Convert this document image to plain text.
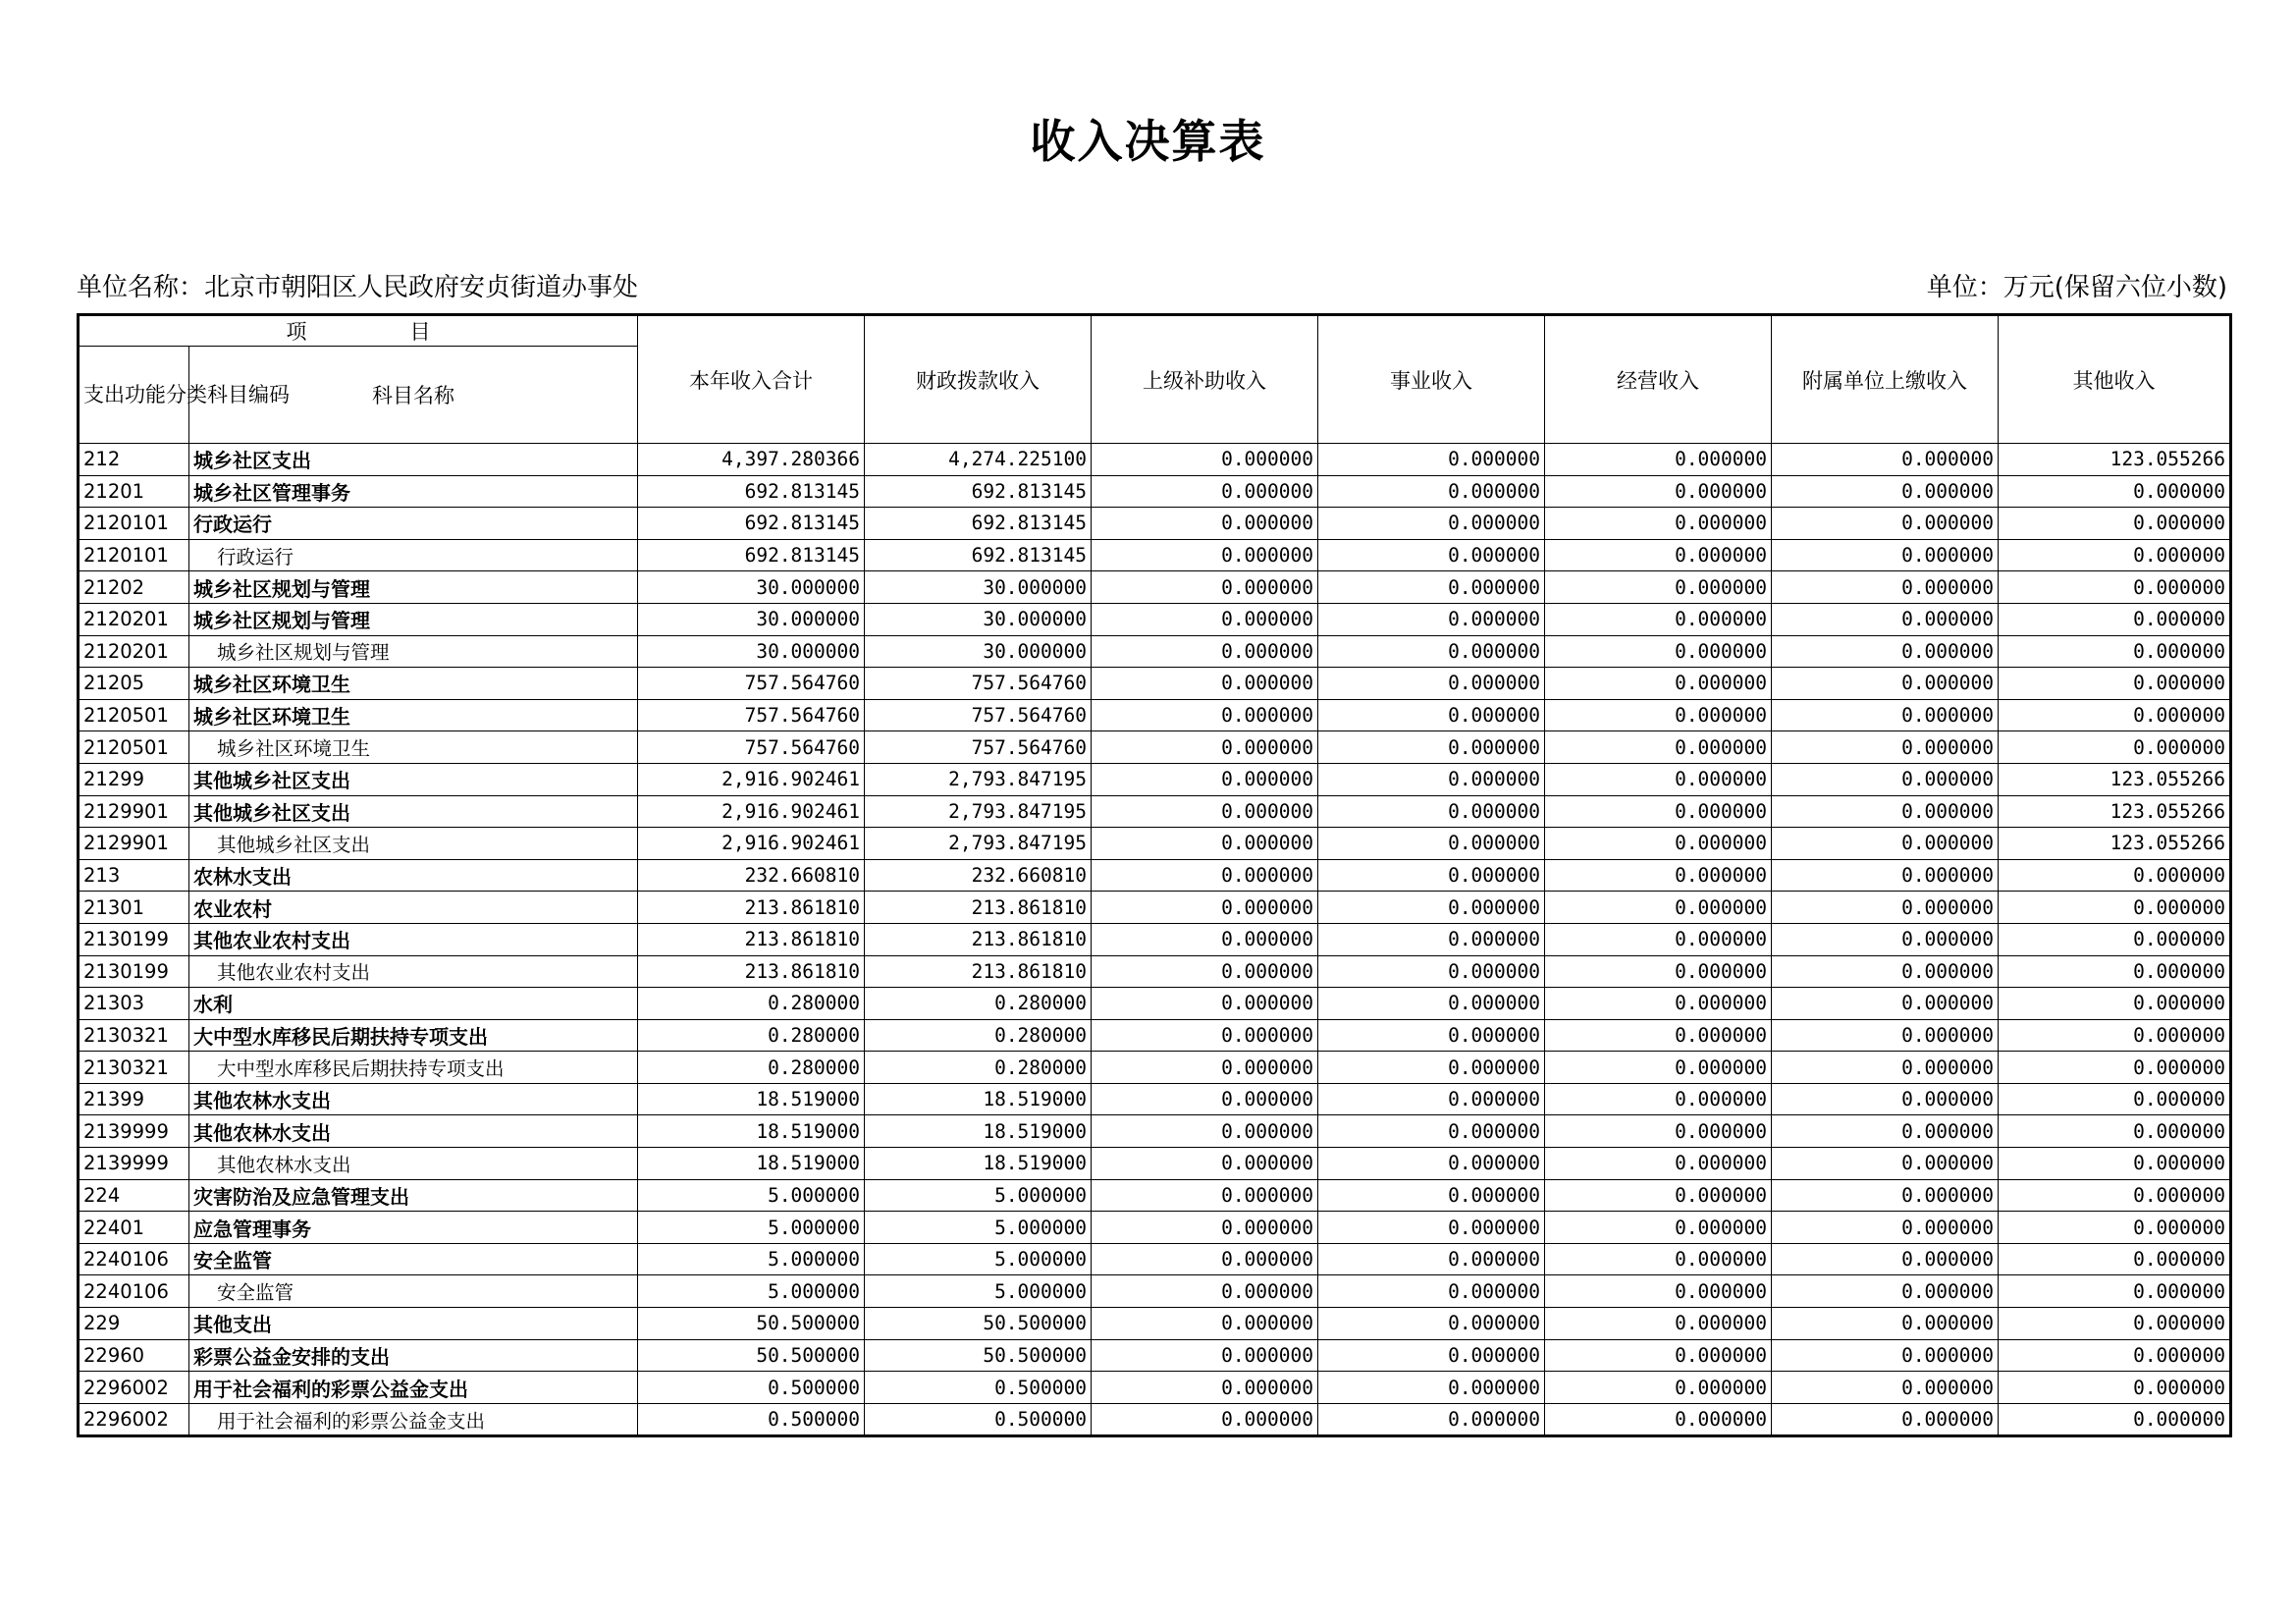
收入决算表
单位名称：北京市朝阳区人民政府安贞街道办事处	单位：万元(保留六位小数)
项　　　　　目		本年收入合计	财政拨款收入	上级补助收入	事业收入	经营收入	附属单位上缴收入	其他收入
支出功能分类科目编码	科目名称							
212	城乡社区支出	4,397.280366	4,274.225100	0.000000	0.000000	0.000000	0.000000	123.055266
21201	城乡社区管理事务	692.813145	692.813145	0.000000	0.000000	0.000000	0.000000	0.000000
2120101	行政运行	692.813145	692.813145	0.000000	0.000000	0.000000	0.000000	0.000000
2120101	行政运行	692.813145	692.813145	0.000000	0.000000	0.000000	0.000000	0.000000
21202	城乡社区规划与管理	30.000000	30.000000	0.000000	0.000000	0.000000	0.000000	0.000000
2120201	城乡社区规划与管理	30.000000	30.000000	0.000000	0.000000	0.000000	0.000000	0.000000
2120201	城乡社区规划与管理	30.000000	30.000000	0.000000	0.000000	0.000000	0.000000	0.000000
21205	城乡社区环境卫生	757.564760	757.564760	0.000000	0.000000	0.000000	0.000000	0.000000
2120501	城乡社区环境卫生	757.564760	757.564760	0.000000	0.000000	0.000000	0.000000	0.000000
2120501	城乡社区环境卫生	757.564760	757.564760	0.000000	0.000000	0.000000	0.000000	0.000000
21299	其他城乡社区支出	2,916.902461	2,793.847195	0.000000	0.000000	0.000000	0.000000	123.055266
2129901	其他城乡社区支出	2,916.902461	2,793.847195	0.000000	0.000000	0.000000	0.000000	123.055266
2129901	其他城乡社区支出	2,916.902461	2,793.847195	0.000000	0.000000	0.000000	0.000000	123.055266
213	农林水支出	232.660810	232.660810	0.000000	0.000000	0.000000	0.000000	0.000000
21301	农业农村	213.861810	213.861810	0.000000	0.000000	0.000000	0.000000	0.000000
2130199	其他农业农村支出	213.861810	213.861810	0.000000	0.000000	0.000000	0.000000	0.000000
2130199	其他农业农村支出	213.861810	213.861810	0.000000	0.000000	0.000000	0.000000	0.000000
21303	水利	0.280000	0.280000	0.000000	0.000000	0.000000	0.000000	0.000000
2130321	大中型水库移民后期扶持专项支出	0.280000	0.280000	0.000000	0.000000	0.000000	0.000000	0.000000
2130321	大中型水库移民后期扶持专项支出	0.280000	0.280000	0.000000	0.000000	0.000000	0.000000	0.000000
21399	其他农林水支出	18.519000	18.519000	0.000000	0.000000	0.000000	0.000000	0.000000
2139999	其他农林水支出	18.519000	18.519000	0.000000	0.000000	0.000000	0.000000	0.000000
2139999	其他农林水支出	18.519000	18.519000	0.000000	0.000000	0.000000	0.000000	0.000000
224	灾害防治及应急管理支出	5.000000	5.000000	0.000000	0.000000	0.000000	0.000000	0.000000
22401	应急管理事务	5.000000	5.000000	0.000000	0.000000	0.000000	0.000000	0.000000
2240106	安全监管	5.000000	5.000000	0.000000	0.000000	0.000000	0.000000	0.000000
2240106	安全监管	5.000000	5.000000	0.000000	0.000000	0.000000	0.000000	0.000000
229	其他支出	50.500000	50.500000	0.000000	0.000000	0.000000	0.000000	0.000000
22960	彩票公益金安排的支出	50.500000	50.500000	0.000000	0.000000	0.000000	0.000000	0.000000
2296002	用于社会福利的彩票公益金支出	0.500000	0.500000	0.000000	0.000000	0.000000	0.000000	0.000000
2296002	用于社会福利的彩票公益金支出	0.500000	0.500000	0.000000	0.000000	0.000000	0.000000	0.000000
